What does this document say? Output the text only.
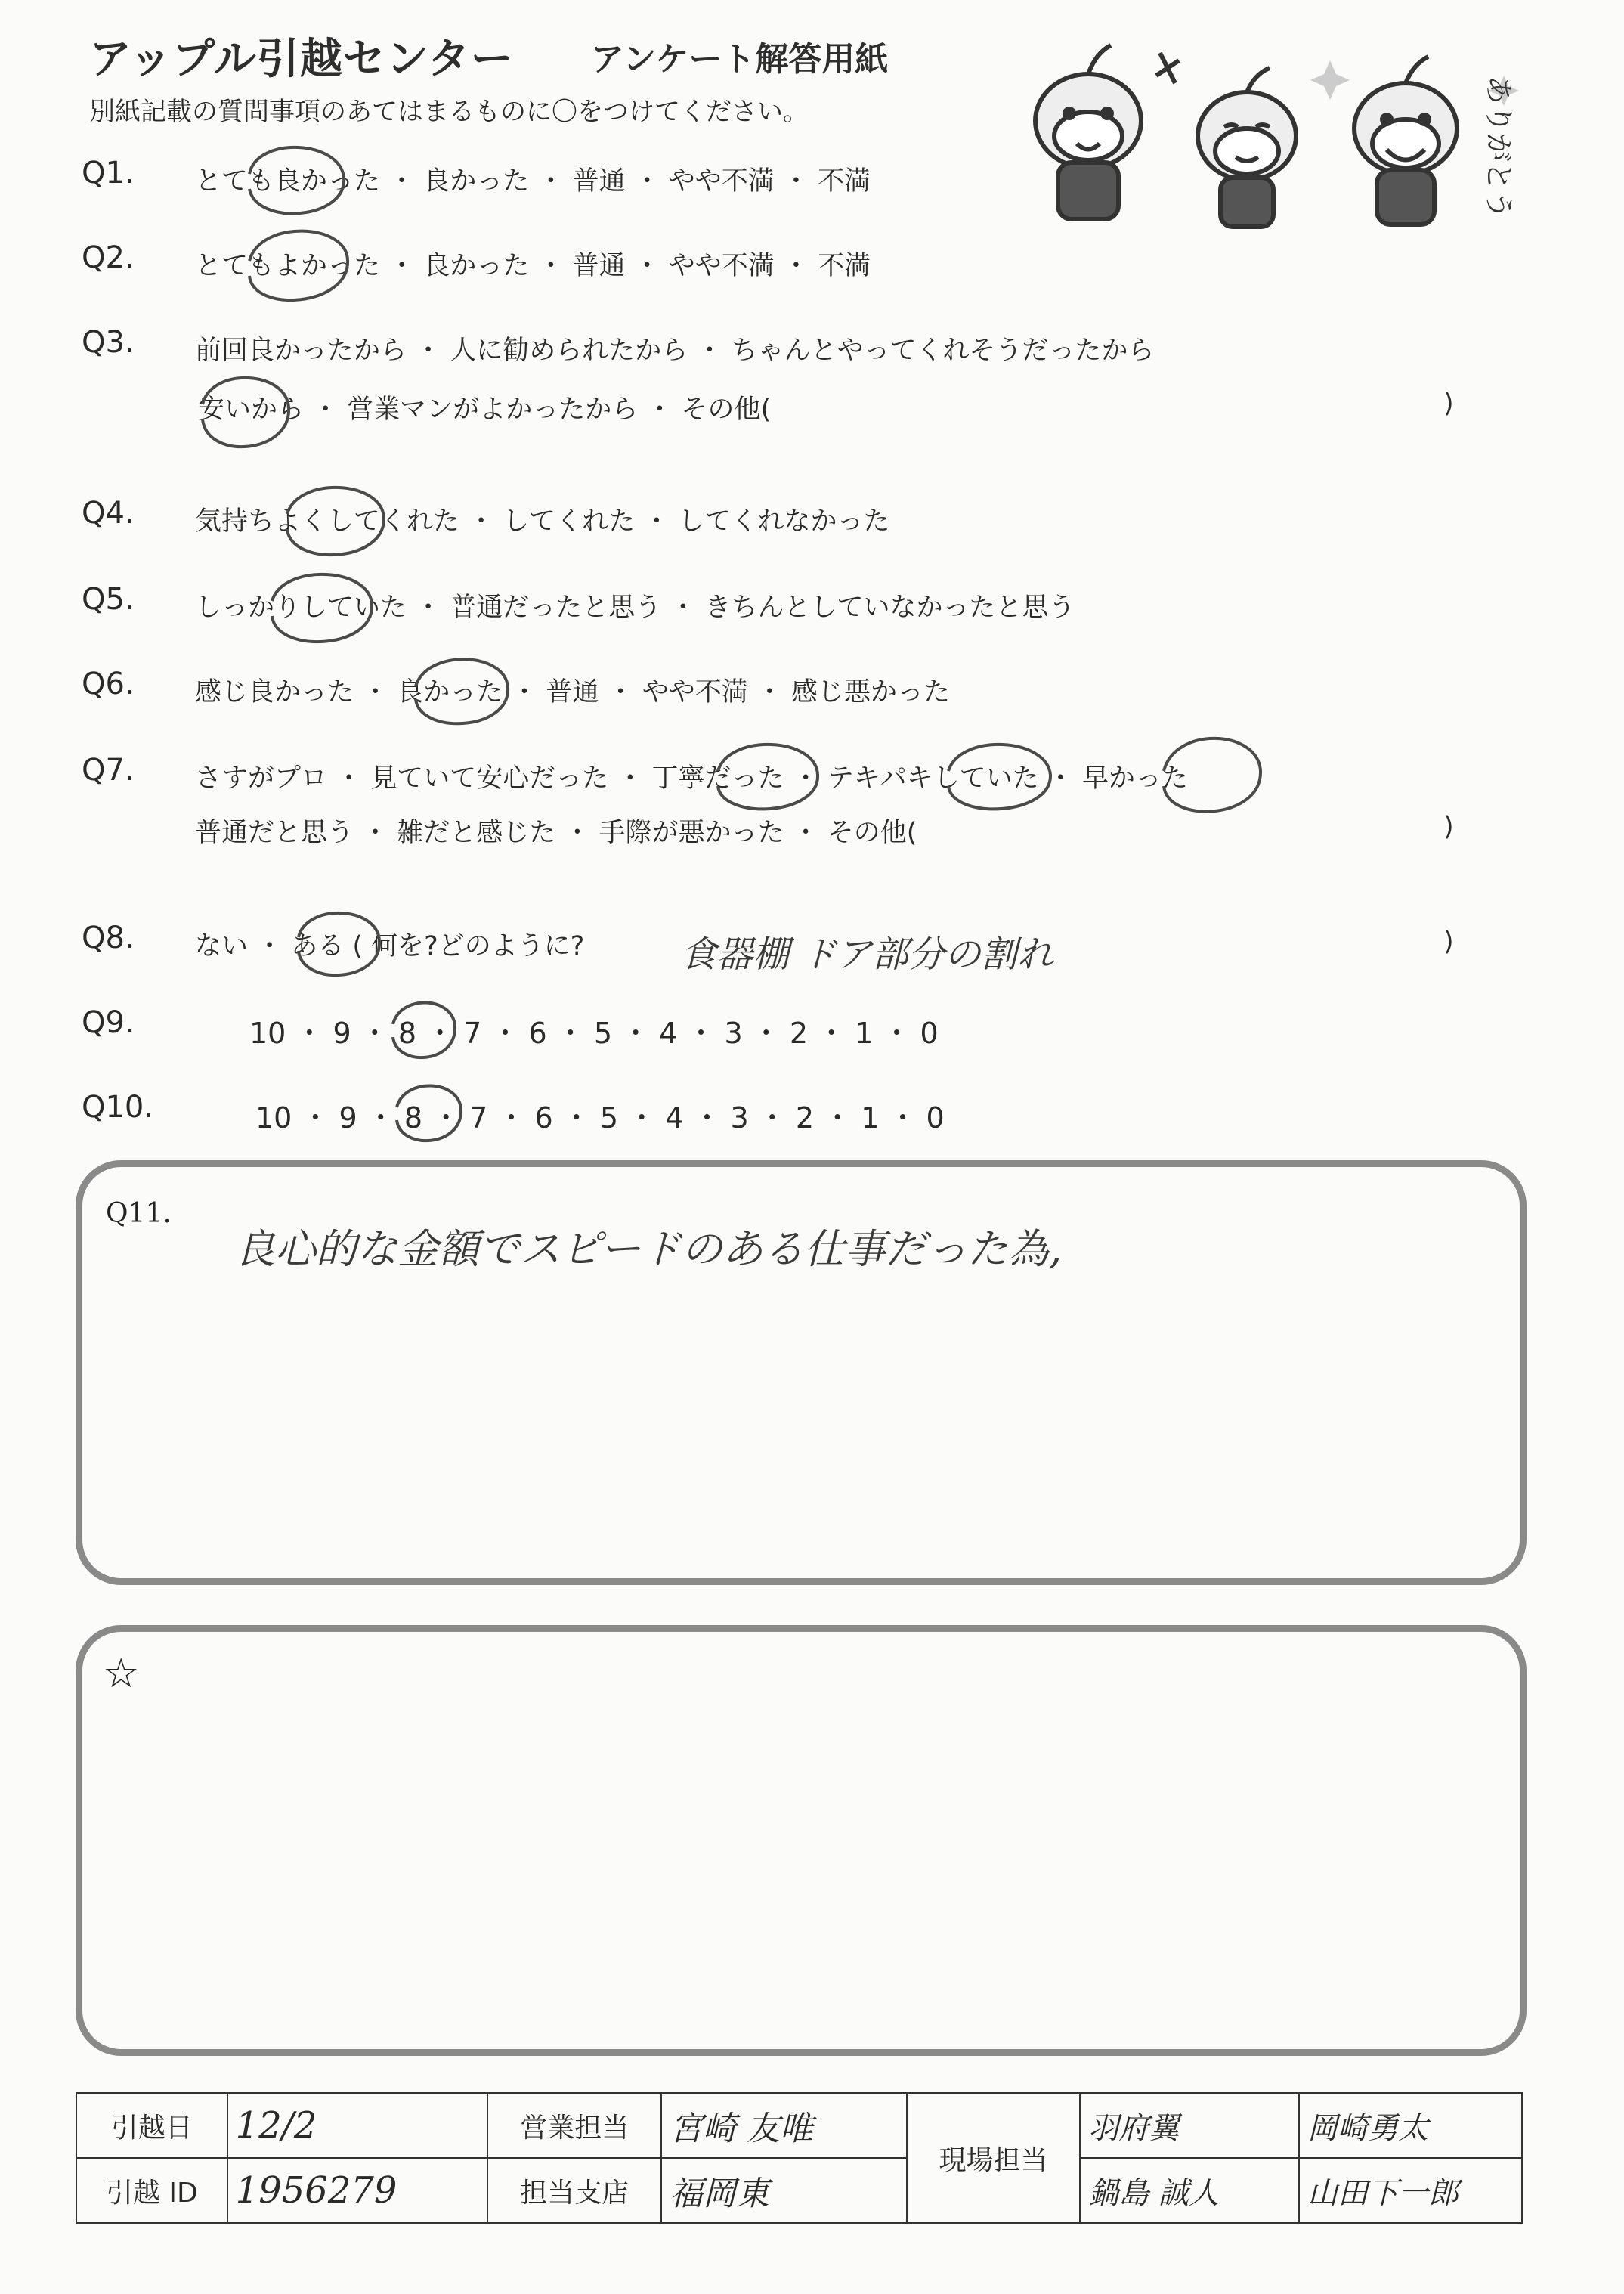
アップル引越センター アンケート解答用紙
別紙記載の質問事項のあてはまるものに〇をつけてください。	ありがとう
Q1. とても良かった ・ 良かった ・ 普通 ・ やや不満 ・ 不満
Q2. とてもよかった ・ 良かった ・ 普通 ・ やや不満 ・ 不満
Q3. 前回良かったから ・ 人に勧められたから ・ ちゃんとやってくれそうだったから
安いから ・ 営業マンがよかったから ・ その他(	)
Q4. 気持ちよくしてくれた ・ してくれた ・ してくれなかった
Q5. しっかりしていた ・ 普通だったと思う ・ きちんとしていなかったと思う
Q6. 感じ良かった ・ 良かった ・ 普通 ・ やや不満 ・ 感じ悪かった
Q7. さすがプロ ・ 見ていて安心だった ・ 丁寧だった ・ テキパキしていた ・ 早かった
普通だと思う ・ 雑だと感じた ・ 手際が悪かった ・ その他(	)
Q8. ない ・ ある ( 何を?どのように?	食器棚 ドア部分の割れ	)
Q9.	10 ・ 9 ・ 8 ・ 7 ・ 6 ・ 5 ・ 4 ・ 3 ・ 2 ・ 1 ・ 0
Q10.	10 ・ 9 ・ 8 ・ 7 ・ 6 ・ 5 ・ 4 ・ 3 ・ 2 ・ 1 ・ 0
Q11.
良心的な金額でスピードのある仕事だった為,
☆
引越日	12/2	営業担当	宮崎 友唯	現場担当	羽府翼	岡崎勇太
引越 ID	1956279	担当支店	福岡東		鍋島 誠人	山田下一郎
